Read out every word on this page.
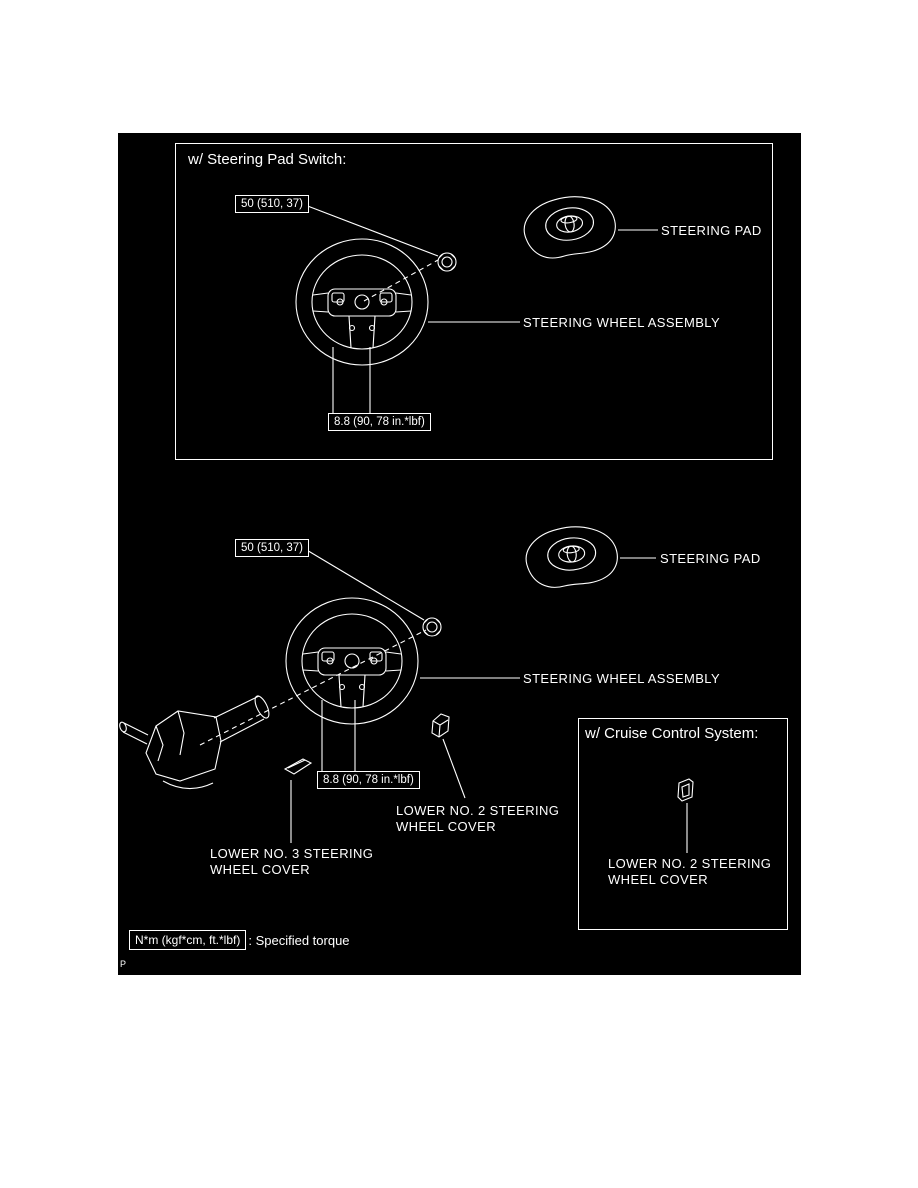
w/ Steering Pad Switch:
50 (510, 37)
STEERING PAD
STEERING WHEEL ASSEMBLY
8.8 (90, 78 in.*lbf)
50 (510, 37)
STEERING PAD
STEERING WHEEL ASSEMBLY
8.8 (90, 78 in.*lbf)
LOWER NO. 2 STEERING
WHEEL COVER
LOWER NO. 3 STEERING
WHEEL COVER
w/ Cruise Control System:
LOWER NO. 2 STEERING
WHEEL COVER
N*m (kgf*cm, ft.*lbf) : Specified torque
P
